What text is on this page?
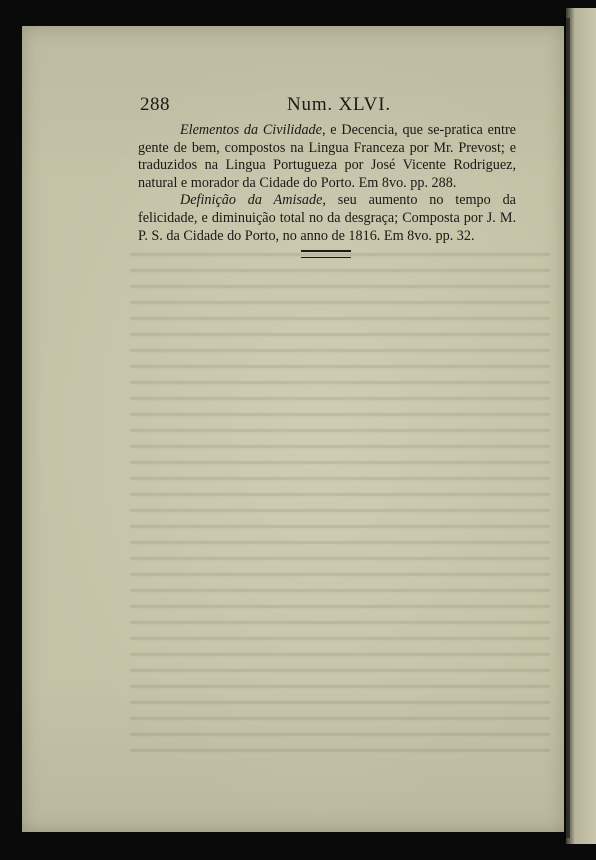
288	Num. XLVI.

Elementos da Civilidade, e Decencia, que se-pratica entre gente de bem, compostos na Lingua Franceza por Mr. Prevost; e traduzidos na Lingua Portugueza por José Vicente Rodriguez, natural e morador da Cidade do Porto. Em 8vo. pp. 288.

Definição da Amisade, seu aumento no tempo da felicidade, e diminuição total no da desgraça; Composta por J. M. P. S. da Cidade do Porto, no anno de 1816. Em 8vo. pp. 32.
